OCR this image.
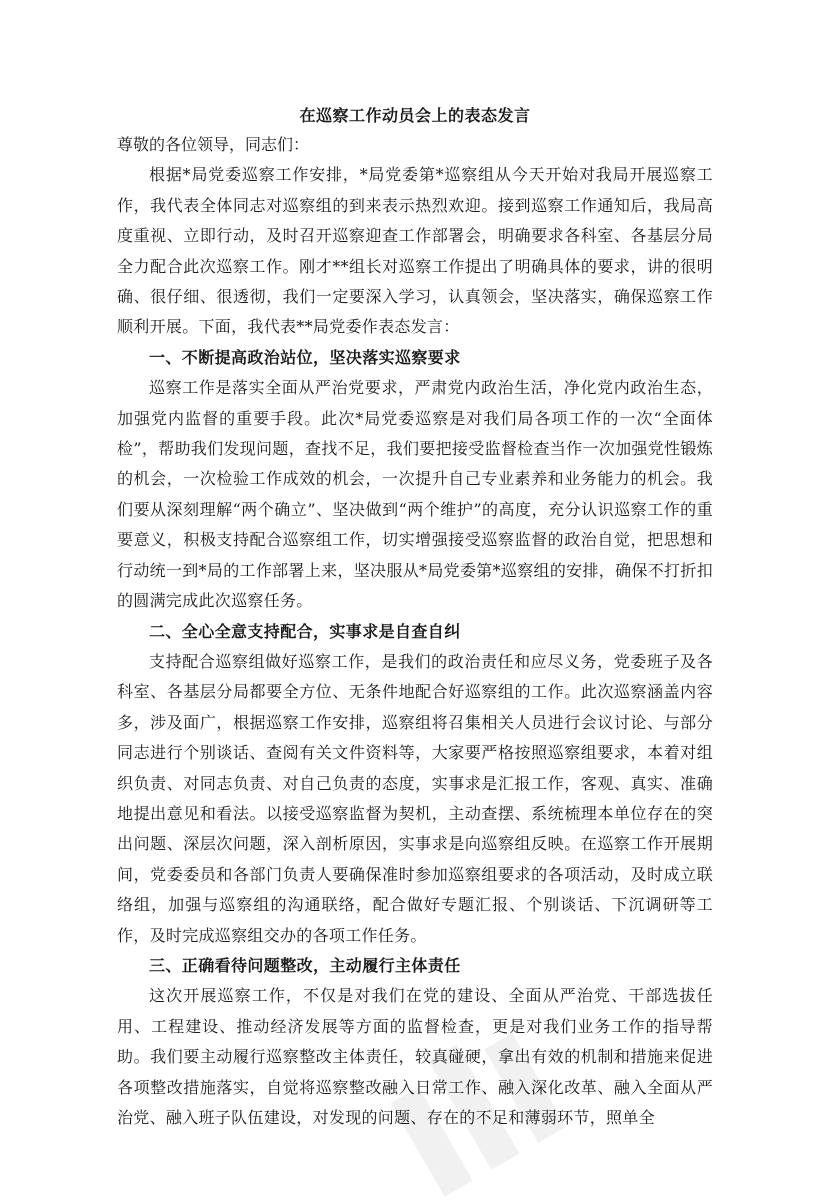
在巡察工作动员会上的表态发言

尊敬的各位领导，同志们：

根据*局党委巡察工作安排，*局党委第*巡察组从今天开始对我局开展巡察工作，我代表全体同志对巡察组的到来表示热烈欢迎。接到巡察工作通知后，我局高度重视、立即行动，及时召开巡察迎查工作部署会，明确要求各科室、各基层分局全力配合此次巡察工作。刚才**组长对巡察工作提出了明确具体的要求，讲的很明确、很仔细、很透彻，我们一定要深入学习，认真领会，坚决落实，确保巡察工作顺利开展。下面，我代表**局党委作表态发言：

一、不断提高政治站位，坚决落实巡察要求

巡察工作是落实全面从严治党要求，严肃党内政治生活，净化党内政治生态，加强党内监督的重要手段。此次*局党委巡察是对我们局各项工作的一次“全面体检”，帮助我们发现问题，查找不足，我们要把接受监督检查当作一次加强党性锻炼的机会，一次检验工作成效的机会，一次提升自己专业素养和业务能力的机会。我们要从深刻理解“两个确立”、坚决做到“两个维护”的高度，充分认识巡察工作的重要意义，积极支持配合巡察组工作，切实增强接受巡察监督的政治自觉，把思想和行动统一到*局的工作部署上来，坚决服从*局党委第*巡察组的安排，确保不打折扣的圆满完成此次巡察任务。

二、全心全意支持配合，实事求是自查自纠

支持配合巡察组做好巡察工作，是我们的政治责任和应尽义务，党委班子及各科室、各基层分局都要全方位、无条件地配合好巡察组的工作。此次巡察涵盖内容多，涉及面广，根据巡察工作安排，巡察组将召集相关人员进行会议讨论、与部分同志进行个别谈话、查阅有关文件资料等，大家要严格按照巡察组要求，本着对组织负责、对同志负责、对自己负责的态度，实事求是汇报工作，客观、真实、准确地提出意见和看法。以接受巡察监督为契机，主动查摆、系统梳理本单位存在的突出问题、深层次问题，深入剖析原因，实事求是向巡察组反映。在巡察工作开展期间，党委委员和各部门负责人要确保准时参加巡察组要求的各项活动，及时成立联络组，加强与巡察组的沟通联络，配合做好专题汇报、个别谈话、下沉调研等工作，及时完成巡察组交办的各项工作任务。

三、正确看待问题整改，主动履行主体责任

这次开展巡察工作，不仅是对我们在党的建设、全面从严治党、干部选拔任用、工程建设、推动经济发展等方面的监督检查，更是对我们业务工作的指导帮助。我们要主动履行巡察整改主体责任，较真碰硬，拿出有效的机制和措施来促进各项整改措施落实，自觉将巡察整改融入日常工作、融入深化改革、融入全面从严治党、融入班子队伍建设，对发现的问题、存在的不足和薄弱环节，照单全
